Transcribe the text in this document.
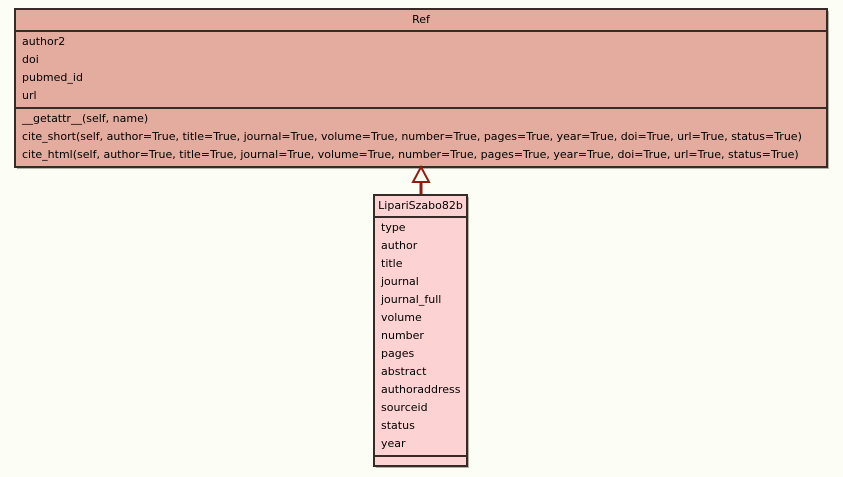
Ref
author2
doi
pubmed_id
url
__getattr__(self, name)
cite_short(self, author=True, title=True, journal=True, volume=True, number=True, pages=True, year=True, doi=True, url=True, status=True)
cite_html(self, author=True, title=True, journal=True, volume=True, number=True, pages=True, year=True, doi=True, url=True, status=True)
LipariSzabo82b
type
author
title
journal
journal_full
volume
number
pages
abstract
authoraddress
sourceid
status
year
